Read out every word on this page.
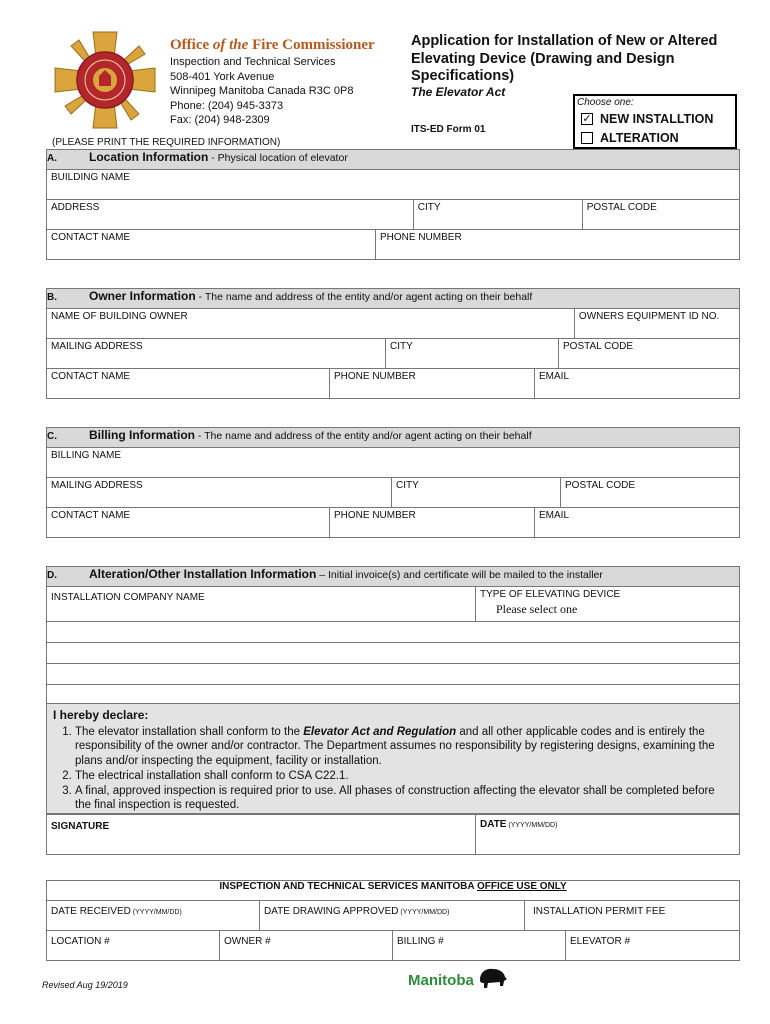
Office of the Fire Commissioner
Inspection and Technical Services
508-401 York Avenue
Winnipeg Manitoba Canada R3C 0P8
Phone: (204) 945-3373
Fax: (204) 948-2309
Application for Installation of New or Altered Elevating Device (Drawing and Design Specifications)
The Elevator Act
ITS-ED Form 01
Choose one:
✓ NEW INSTALLTION
ALTERATION
(PLEASE PRINT THE REQUIRED INFORMATION)
A. Location Information - Physical location of elevator			

BUILDING NAME			

ADDRESS		CITY	POSTAL CODE

CONTACT NAME	PHONE NUMBER		
B.	Owner Information - The name and address of the entity and/or agent acting on their behalf

NAME OF BUILDING OWNER	OWNERS EQUIPMENT ID NO.
MAILING ADDRESS	CITY	POSTAL CODE
CONTACT NAME	PHONE NUMBER	EMAIL
C.	Billing Information - The name and address of the entity and/or agent acting on their behalf

BILLING NAME

MAILING ADDRESS	CITY	POSTAL CODE
CONTACT NAME	PHONE NUMBER	EMAIL
D.	Alteration/Other Installation Information – Initial invoice(s) and certificate will be mailed to the installer

INSTALLATION COMPANY NAME	TYPE OF ELEVATING DEVICE
Please select one

I hereby declare:
1. The elevator installation shall conform to the Elevator Act and Regulation and all other applicable codes and is entirely the responsibility of the owner and/or contractor. The Department assumes no responsibility by registering designs, examining the plans and/or inspecting the equipment, facility or installation.
2. The electrical installation shall conform to CSA C22.1.
3. A final, approved inspection is required prior to use. All phases of construction affecting the elevator shall be completed before the final inspection is requested.
SIGNATURE	DATE (YYYY/MM/DD)
INSPECTION AND TECHNICAL SERVICES MANITOBA OFFICE USE ONLY
DATE RECEIVED (YYYY/MM/DD)	DATE DRAWING APPROVED (YYYY/MM/DD)	INSTALLATION PERMIT FEE
LOCATION #	OWNER #	BILLING #	ELEVATOR #
Revised Aug 19/2019	Manitoba
